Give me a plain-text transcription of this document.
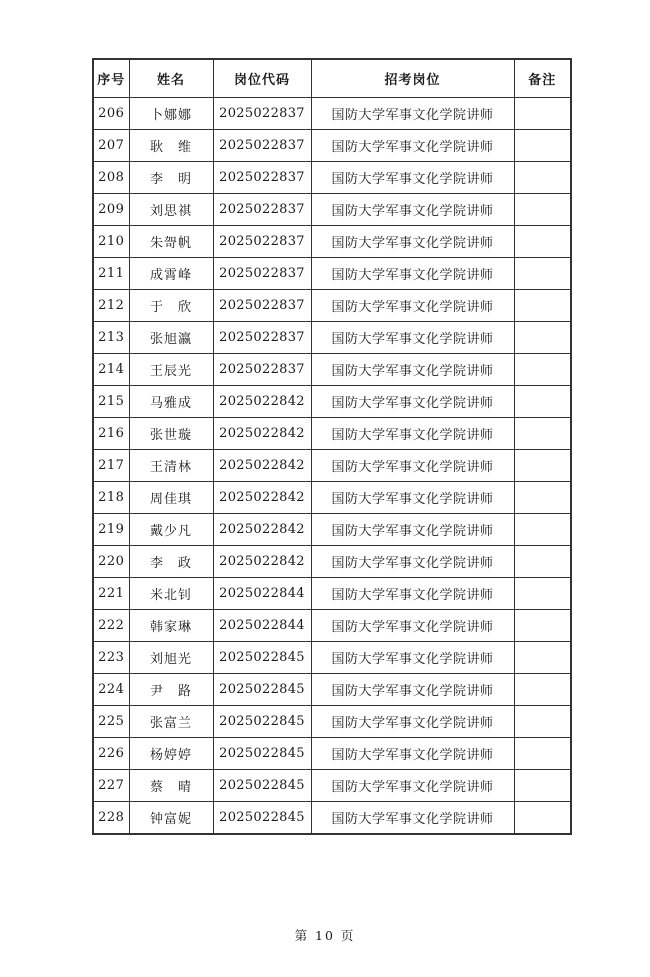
序号	姓名	岗位代码	招考岗位	备注
206	卜娜娜	2025022837	国防大学军事文化学院讲师	
207	耿　维	2025022837	国防大学军事文化学院讲师	
208	李　明	2025022837	国防大学军事文化学院讲师	
209	刘思祺	2025022837	国防大学军事文化学院讲师	
210	朱哿帆	2025022837	国防大学军事文化学院讲师	
211	成霄峰	2025022837	国防大学军事文化学院讲师	
212	于　欣	2025022837	国防大学军事文化学院讲师	
213	张旭瀛	2025022837	国防大学军事文化学院讲师	
214	王辰光	2025022837	国防大学军事文化学院讲师	
215	马雅成	2025022842	国防大学军事文化学院讲师	
216	张世璇	2025022842	国防大学军事文化学院讲师	
217	王清林	2025022842	国防大学军事文化学院讲师	
218	周佳琪	2025022842	国防大学军事文化学院讲师	
219	戴少凡	2025022842	国防大学军事文化学院讲师	
220	李　政	2025022842	国防大学军事文化学院讲师	
221	米北钊	2025022844	国防大学军事文化学院讲师	
222	韩家琳	2025022844	国防大学军事文化学院讲师	
223	刘旭光	2025022845	国防大学军事文化学院讲师	
224	尹　路	2025022845	国防大学军事文化学院讲师	
225	张富兰	2025022845	国防大学军事文化学院讲师	
226	杨婷婷	2025022845	国防大学军事文化学院讲师	
227	蔡　晴	2025022845	国防大学军事文化学院讲师	
228	钟富妮	2025022845	国防大学军事文化学院讲师	
第 10 页
